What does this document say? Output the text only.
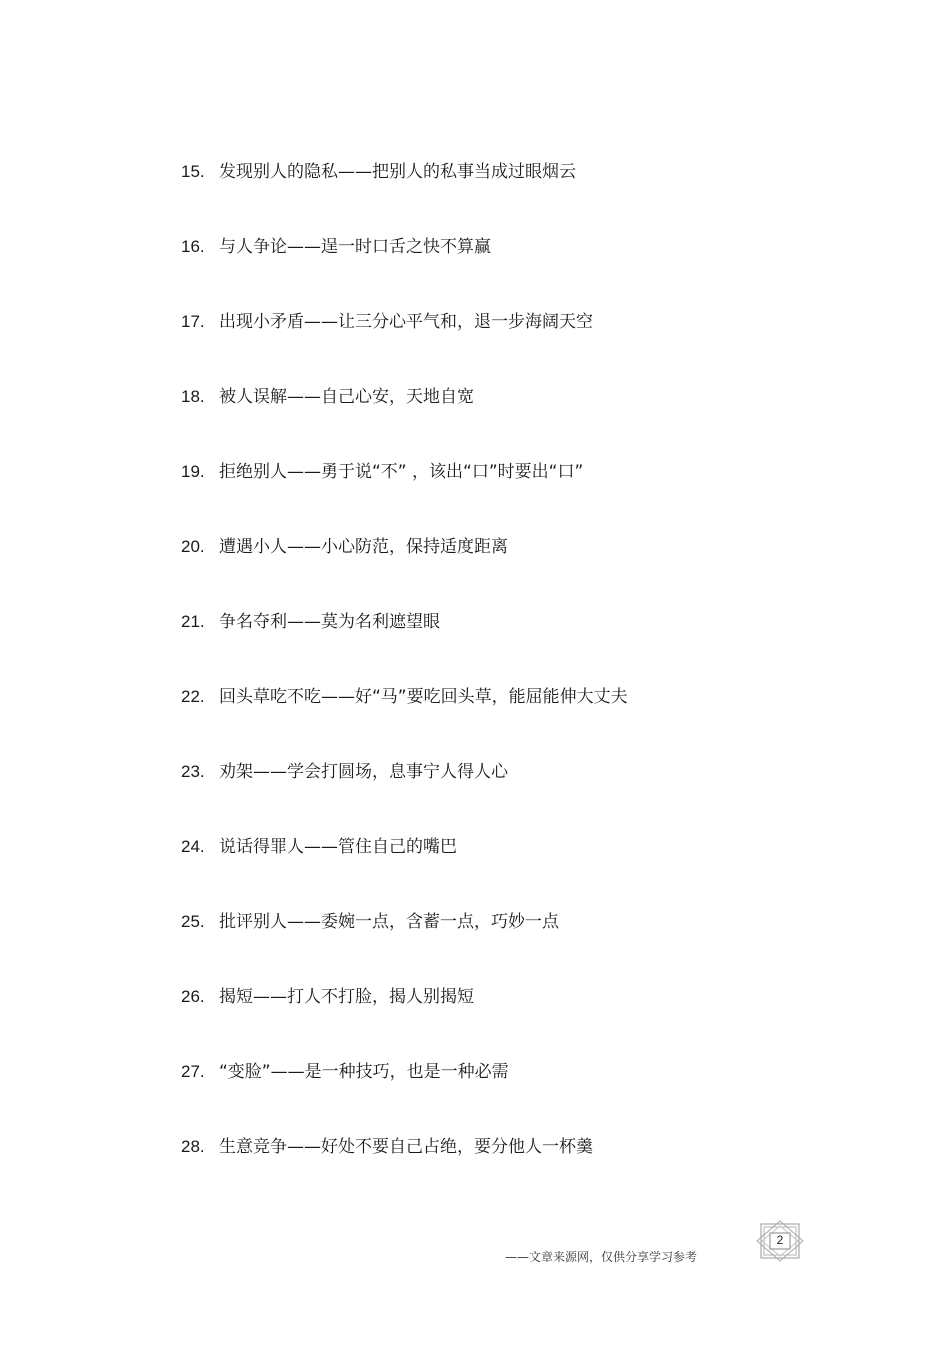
15. 发现别人的隐私——把别人的私事当成过眼烟云
16. 与人争论——逞一时口舌之快不算赢
17. 出现小矛盾——让三分心平气和，退一步海阔天空
18. 被人误解——自己心安，天地自宽
19. 拒绝别人——勇于说“不” ，该出“口”时要出“口”
20. 遭遇小人——小心防范，保持适度距离
21. 争名夺利——莫为名利遮望眼
22. 回头草吃不吃——好“马”要吃回头草，能屈能伸大丈夫
23. 劝架——学会打圆场，息事宁人得人心
24. 说话得罪人——管住自己的嘴巴
25. 批评别人——委婉一点，含蓄一点，巧妙一点
26. 揭短——打人不打脸，揭人别揭短
27. “变脸”——是一种技巧，也是一种必需
28. 生意竞争——好处不要自己占绝，要分他人一杯羹
——文章来源网，仅供分享学习参考
2
